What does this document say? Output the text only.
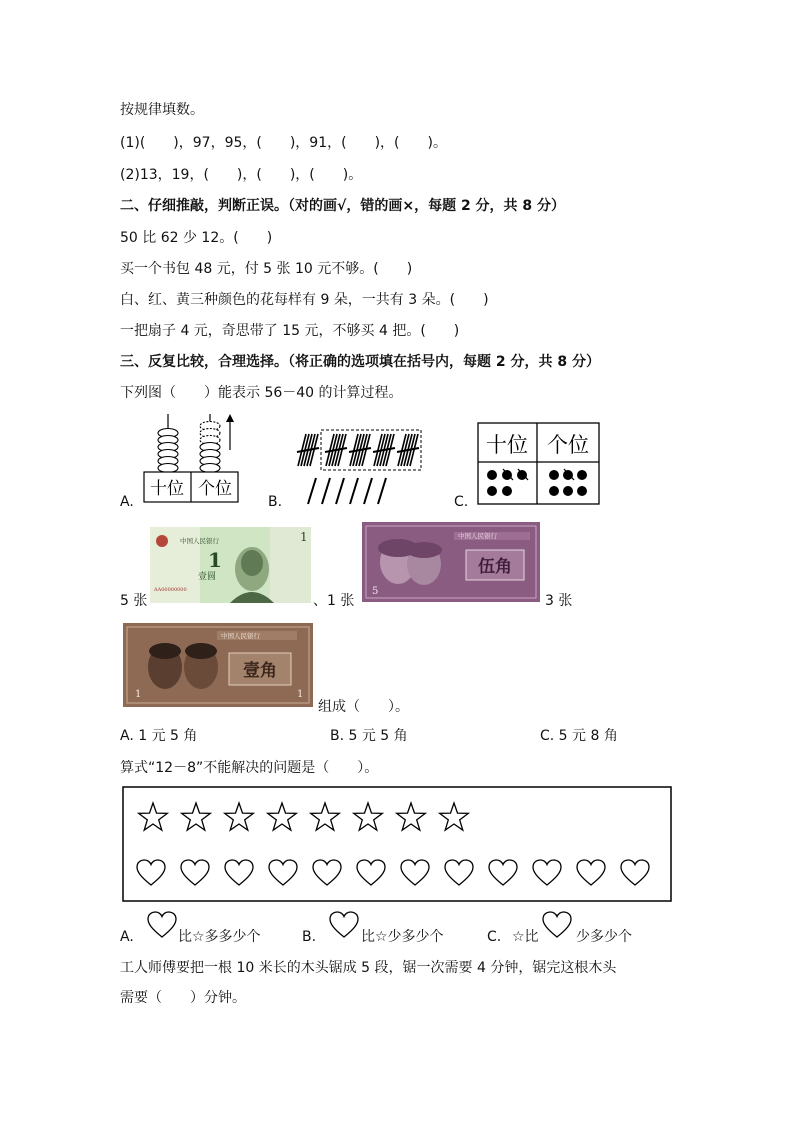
按规律填数。
(1)(　　)，97，95，(　　)，91，(　　)，(　　)。
(2)13，19，(　　)，(　　)，(　　)。
二、仔细推敲，判断正误。（对的画√，错的画×，每题 2 分，共 8 分）
50 比 62 少 12。(　　)
买一个书包 48 元，付 5 张 10 元不够。(　　)
白、红、黄三种颜色的花每样有 9 朵，一共有 3 朵。(　　)
一把扇子 4 元，奇思带了 15 元，不够买 4 把。(　　)
三、反复比较，合理选择。（将正确的选项填在括号内，每题 2 分，共 8 分）
下列图（　　）能表示 56－40 的计算过程。
A.
十位 个位
B.	C.
十位 个位
5 张
中国人民银行
1
壹圆
AA00000000
1
、1 张
中国人民银行
伍角
5
3 张
中国人民银行
壹角
1	1
组成（　　）。
A. 1 元 5 角	B. 5 元 5 角	C. 5 元 8 角
算式“12－8”不能解决的问题是（　　）。
A.	比☆多多少个	B.	比☆少多少个	C. ☆比	少多少个
工人师傅要把一根 10 米长的木头锯成 5 段，锯一次需要 4 分钟，锯完这根木头
需要（　　）分钟。
